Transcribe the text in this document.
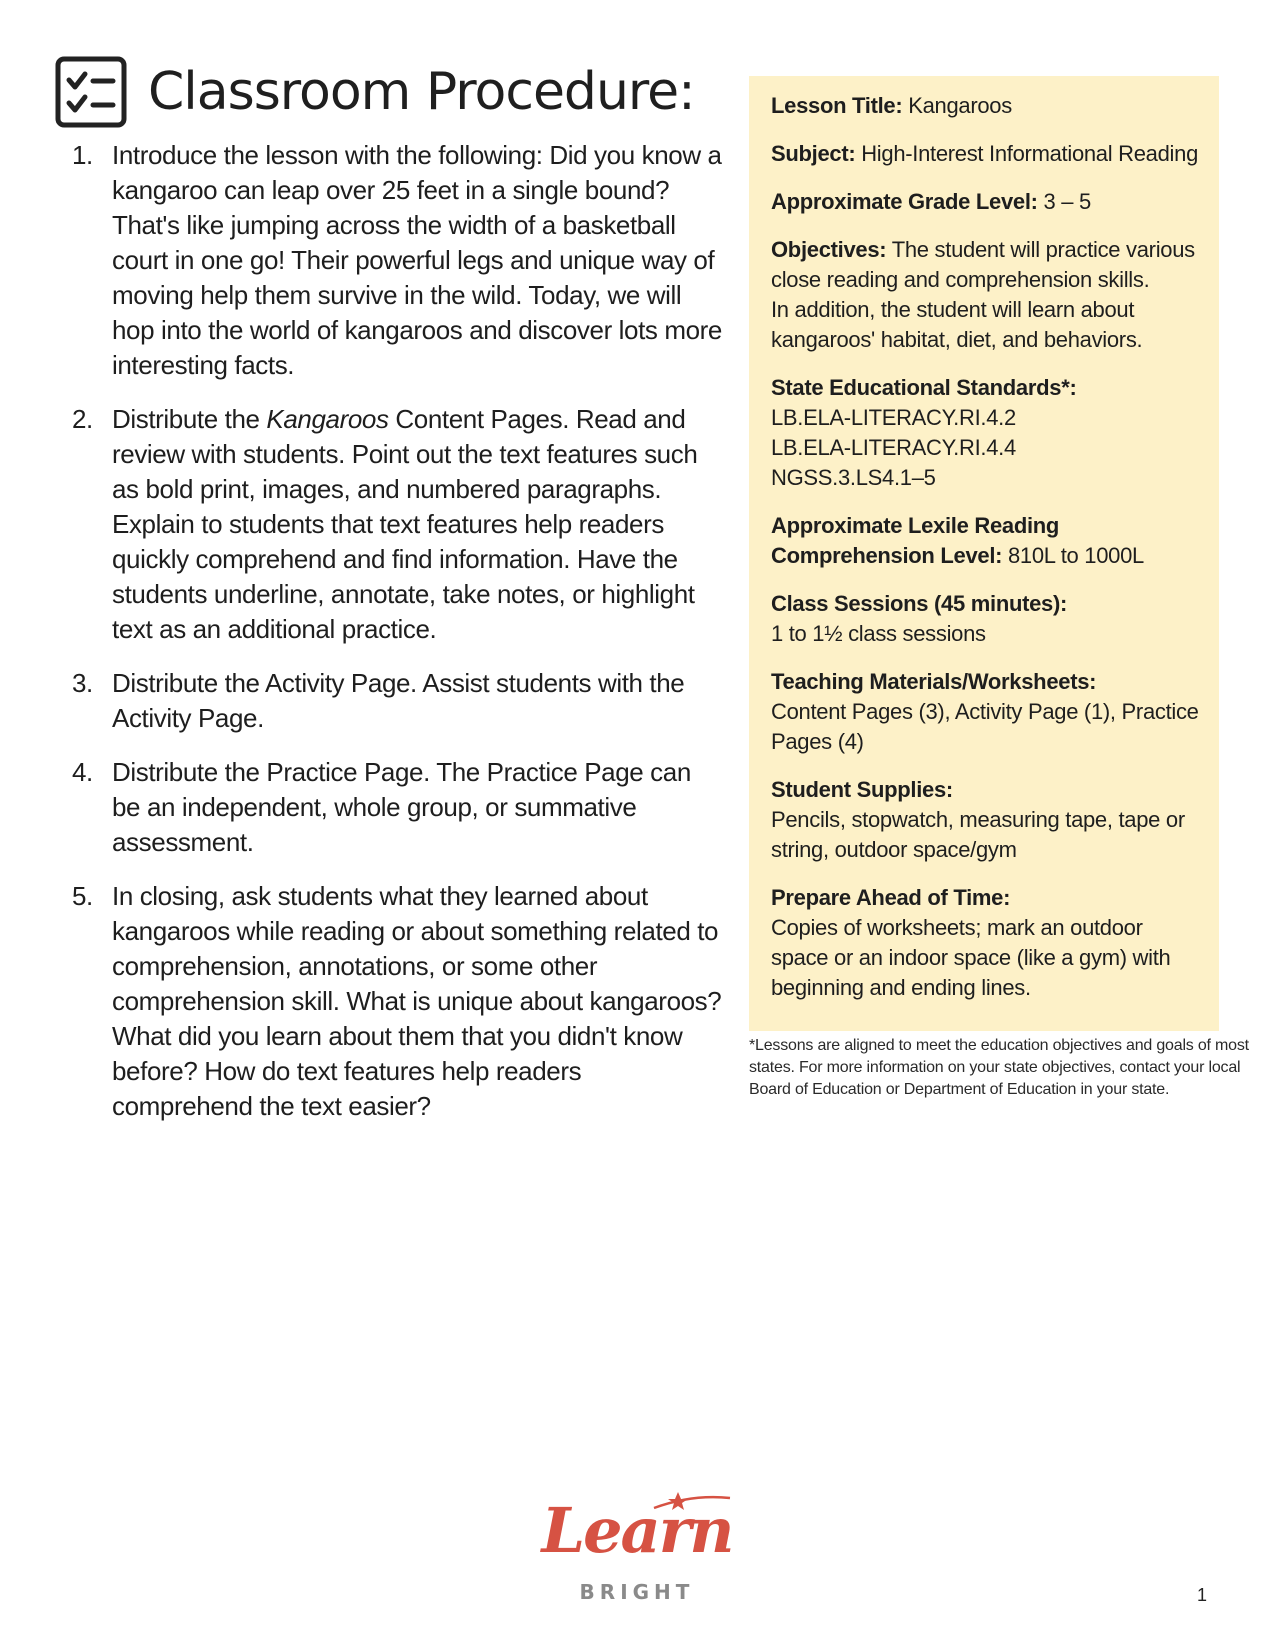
Classroom Procedure:
1. Introduce the lesson with the following: Did you know a kangaroo can leap over 25 feet in a single bound? That's like jumping across the width of a basketball court in one go! Their powerful legs and unique way of moving help them survive in the wild. Today, we will hop into the world of kangaroos and discover lots more interesting facts.
2. Distribute the Kangaroos Content Pages. Read and review with students. Point out the text features such as bold print, images, and numbered paragraphs. Explain to students that text features help readers quickly comprehend and find information. Have the students underline, annotate, take notes, or highlight text as an additional practice.
3. Distribute the Activity Page. Assist students with the Activity Page.
4. Distribute the Practice Page. The Practice Page can be an independent, whole group, or summative assessment.
5. In closing, ask students what they learned about kangaroos while reading or about something related to comprehension, annotations, or some other comprehension skill. What is unique about kangaroos? What did you learn about them that you didn't know before? How do text features help readers comprehend the text easier?
Lesson Title: Kangaroos
Subject: High-Interest Informational Reading
Approximate Grade Level: 3 – 5
Objectives: The student will practice various close reading and comprehension skills.
In addition, the student will learn about kangaroos' habitat, diet, and behaviors.
State Educational Standards*:
LB.ELA-LITERACY.RI.4.2
LB.ELA-LITERACY.RI.4.4
NGSS.3.LS4.1–5
Approximate Lexile Reading Comprehension Level: 810L to 1000L
Class Sessions (45 minutes):
1 to 1½ class sessions
Teaching Materials/Worksheets:
Content Pages (3), Activity Page (1), Practice Pages (4)
Student Supplies:
Pencils, stopwatch, measuring tape, tape or string, outdoor space/gym
Prepare Ahead of Time:
Copies of worksheets; mark an outdoor space or an indoor space (like a gym) with beginning and ending lines.
*Lessons are aligned to meet the education objectives and goals of most states. For more information on your state objectives, contact your local Board of Education or Department of Education in your state.
Learn
BRIGHT	1
